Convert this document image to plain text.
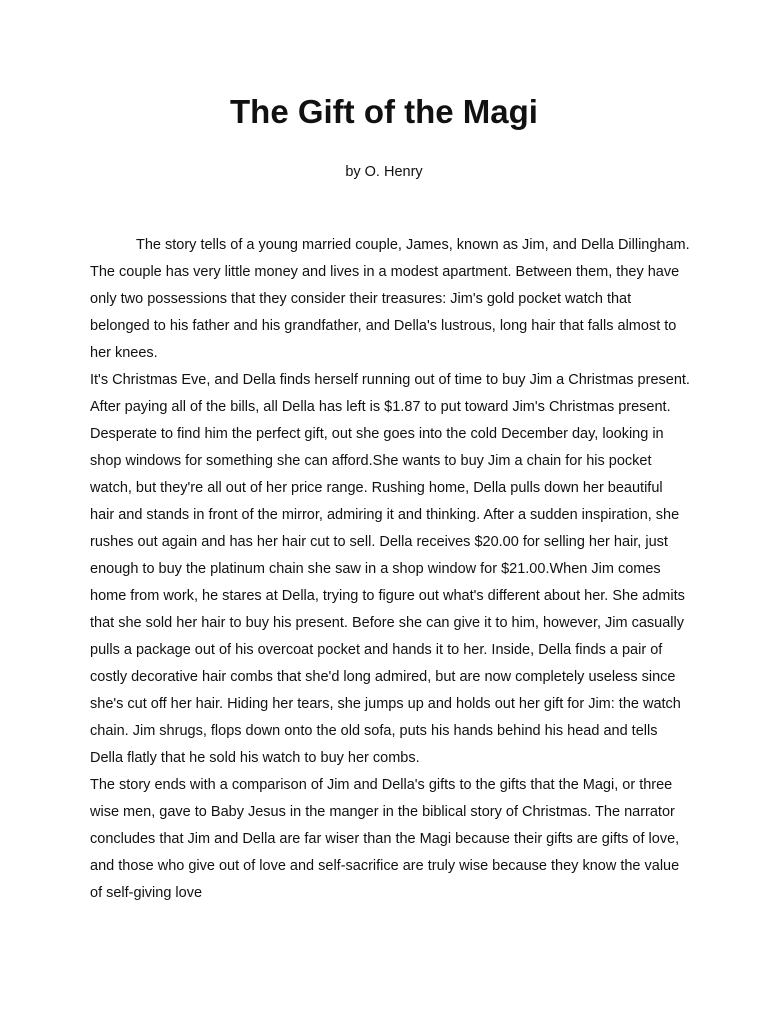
The Gift of the Magi

by O. Henry

The story tells of a young married couple, James, known as Jim, and Della Dillingham. The couple has very little money and lives in a modest apartment. Between them, they have only two possessions that they consider their treasures: Jim's gold pocket watch that belonged to his father and his grandfather, and Della's lustrous, long hair that falls almost to her knees.

It's Christmas Eve, and Della finds herself running out of time to buy Jim a Christmas present. After paying all of the bills, all Della has left is $1.87 to put toward Jim's Christmas present. Desperate to find him the perfect gift, out she goes into the cold December day, looking in shop windows for something she can afford.She wants to buy Jim a chain for his pocket watch, but they're all out of her price range. Rushing home, Della pulls down her beautiful hair and stands in front of the mirror, admiring it and thinking. After a sudden inspiration, she rushes out again and has her hair cut to sell. Della receives $20.00 for selling her hair, just enough to buy the platinum chain she saw in a shop window for $21.00.When Jim comes home from work, he stares at Della, trying to figure out what's different about her. She admits that she sold her hair to buy his present. Before she can give it to him, however, Jim casually pulls a package out of his overcoat pocket and hands it to her. Inside, Della finds a pair of costly decorative hair combs that she'd long admired, but are now completely useless since she's cut off her hair. Hiding her tears, she jumps up and holds out her gift for Jim: the watch chain. Jim shrugs, flops down onto the old sofa, puts his hands behind his head and tells Della flatly that he sold his watch to buy her combs.

The story ends with a comparison of Jim and Della's gifts to the gifts that the Magi, or three wise men, gave to Baby Jesus in the manger in the biblical story of Christmas. The narrator concludes that Jim and Della are far wiser than the Magi because their gifts are gifts of love, and those who give out of love and self-sacrifice are truly wise because they know the value of self-giving love
